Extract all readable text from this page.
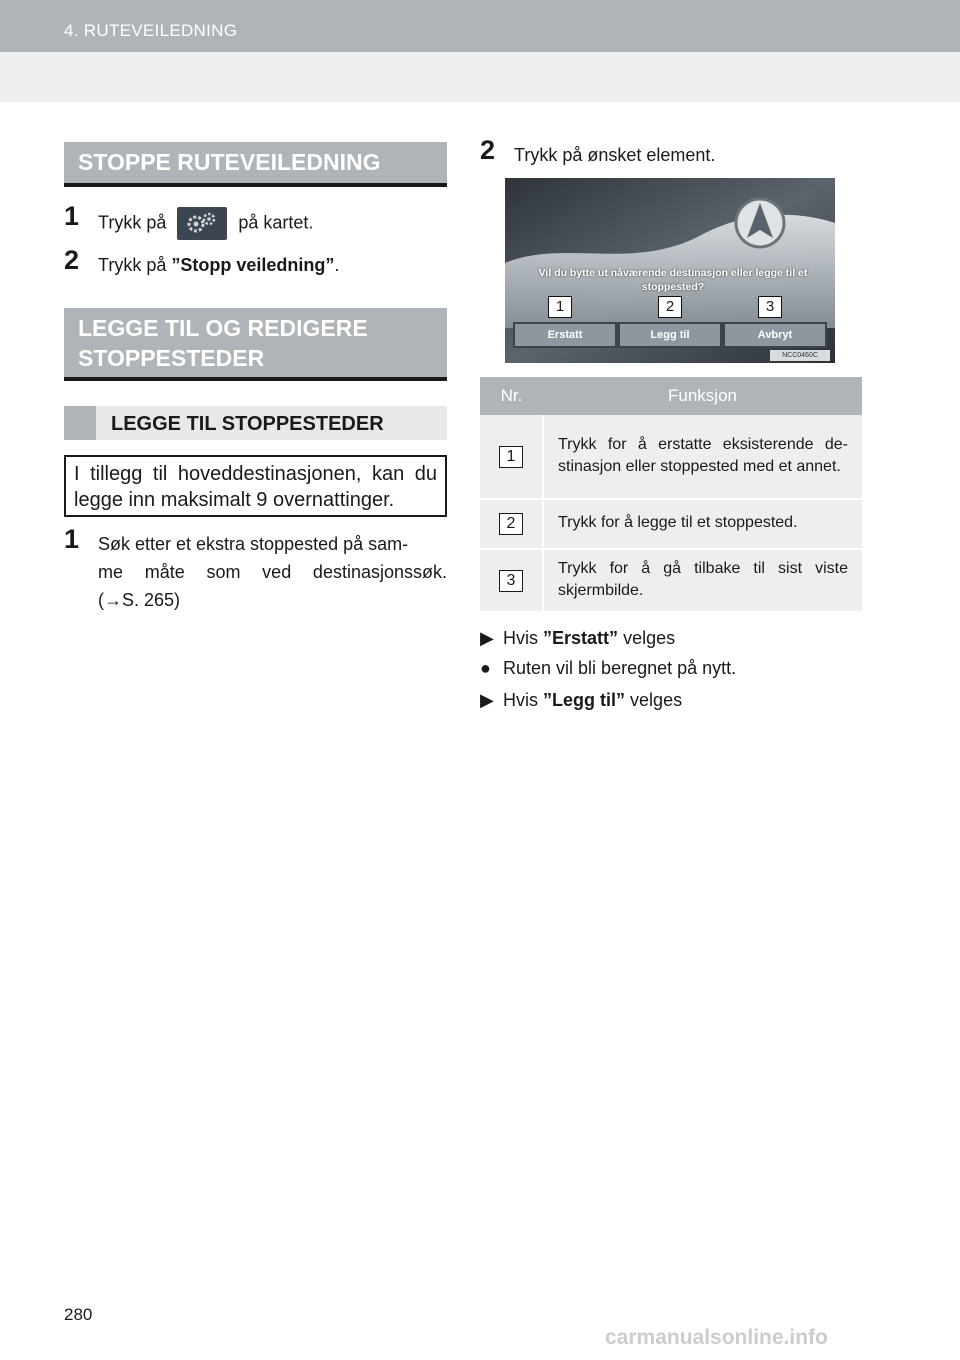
4. RUTEVEILEDNING
STOPPE RUTEVEILEDNING
1 Trykk på	på kartet.
2 Trykk på ”Stopp veiledning”.
LEGGE TIL OG REDIGERE
STOPPESTEDER
LEGGE TIL STOPPESTEDER
I tillegg til hoveddestinasjonen, kan du legge inn maksimalt 9 overnattinger.
1 Søk etter et ekstra stoppested på sam-
me måte som ved destinasjonssøk.
(→S. 265)
2 Trykk på ønsket element.
Vil du bytte ut nåværende destinasjon eller legge til et stoppested?
1	2	3
Erstatt	Legg til	Avbryt
NCC0460C
Nr.	Funksjon
1	Trykk for å erstatte eksisterende de-stinasjon eller stoppested med et annet.
2	Trykk for å legge til et stoppested.
3	Trykk for å gå tilbake til sist viste skjermbilde.
▶ Hvis ”Erstatt” velges
● Ruten vil bli beregnet på nytt.
▶ Hvis ”Legg til” velges
280
carmanualsonline.info
